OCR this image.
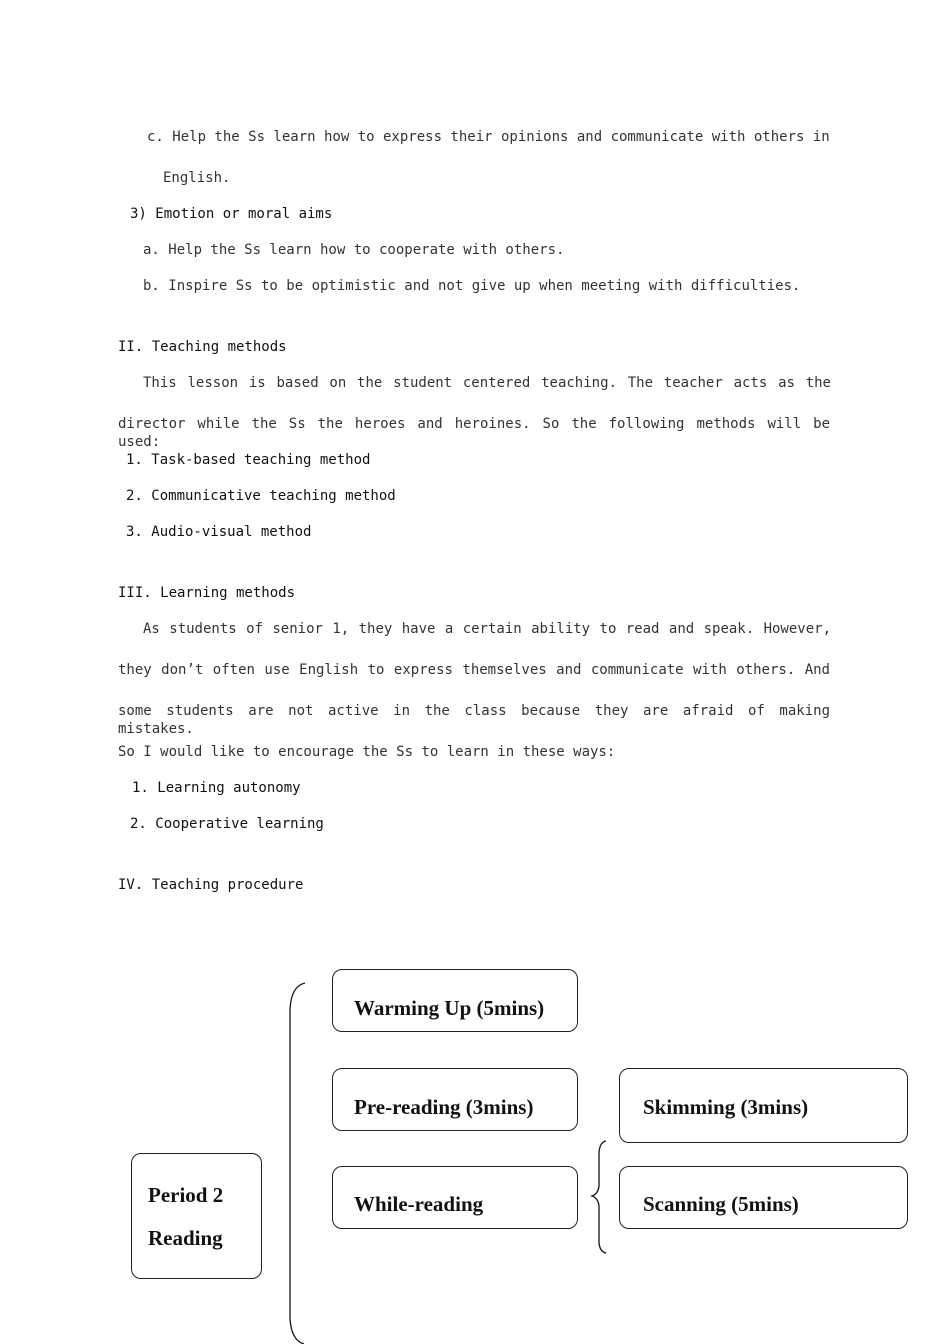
c. Help the Ss learn how to express their opinions and communicate with others in
English.
3) Emotion or moral aims
a. Help the Ss learn how to cooperate with others.
b. Inspire Ss to be optimistic and not give up when meeting with difficulties.
II. Teaching methods
This lesson is based on the student centered teaching. The teacher acts as the
director while the Ss the heroes and heroines. So the following methods will be used:
1. Task-based teaching method
2. Communicative teaching method
3. Audio-visual method
III. Learning methods
As students of senior 1, they have a certain ability to read and speak. However,
they don’t often use English to express themselves and communicate with others. And
some students are not active in the class because they are afraid of making mistakes.
So I would like to encourage the Ss to learn in these ways:
1. Learning autonomy
2. Cooperative learning
IV. Teaching procedure
Period 2
Reading
Warming Up (5mins)
Pre-reading (3mins)
While-reading
Skimming (3mins)
Scanning (5mins)
